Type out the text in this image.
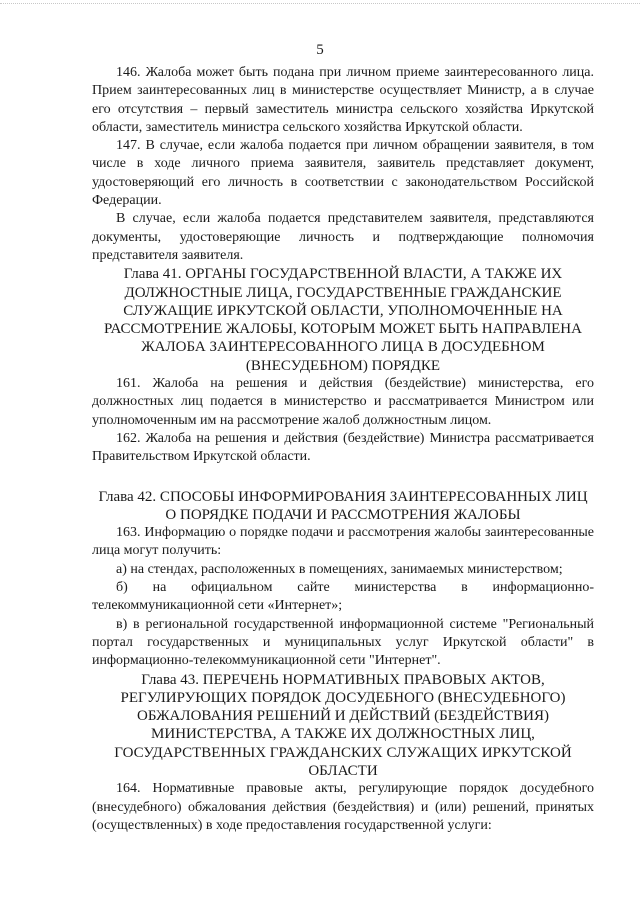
5

146. Жалоба может быть подана при личном приеме заинтересованного лица. Прием заинтересованных лиц в министерстве осуществляет Министр, а в случае его отсутствия – первый заместитель министра сельского хозяйства Иркутской области, заместитель министра сельского хозяйства Иркутской области.

147. В случае, если жалоба подается при личном обращении заявителя, в том числе в ходе личного приема заявителя, заявитель представляет документ, удостоверяющий его личность в соответствии с законодательством Российской Федерации.

В случае, если жалоба подается представителем заявителя, представляются документы, удостоверяющие личность и подтверждающие полномочия представителя заявителя.

Глава 41. ОРГАНЫ ГОСУДАРСТВЕННОЙ ВЛАСТИ, А ТАКЖЕ ИХ ДОЛЖНОСТНЫЕ ЛИЦА, ГОСУДАРСТВЕННЫЕ ГРАЖДАНСКИЕ СЛУЖАЩИЕ ИРКУТСКОЙ ОБЛАСТИ, УПОЛНОМОЧЕННЫЕ НА РАССМОТРЕНИЕ ЖАЛОБЫ, КОТОРЫМ МОЖЕТ БЫТЬ НАПРАВЛЕНА ЖАЛОБА ЗАИНТЕРЕСОВАННОГО ЛИЦА В ДОСУДЕБНОМ (ВНЕСУДЕБНОМ) ПОРЯДКЕ

161. Жалоба на решения и действия (бездействие) министерства, его должностных лиц подается в министерство и рассматривается Министром или уполномоченным им на рассмотрение жалоб должностным лицом.

162. Жалоба на решения и действия (бездействие) Министра рассматривается Правительством Иркутской области.

Глава 42. СПОСОБЫ ИНФОРМИРОВАНИЯ ЗАИНТЕРЕСОВАННЫХ ЛИЦ О ПОРЯДКЕ ПОДАЧИ И РАССМОТРЕНИЯ ЖАЛОБЫ

163. Информацию о порядке подачи и рассмотрения жалобы заинтересованные лица могут получить:

а) на стендах, расположенных в помещениях, занимаемых министерством;

б) на официальном сайте министерства в информационно-телекоммуникационной сети «Интернет»;

в) в региональной государственной информационной системе "Региональный портал государственных и муниципальных услуг Иркутской области" в информационно-телекоммуникационной сети "Интернет".

Глава 43. ПЕРЕЧЕНЬ НОРМАТИВНЫХ ПРАВОВЫХ АКТОВ, РЕГУЛИРУЮЩИХ ПОРЯДОК ДОСУДЕБНОГО (ВНЕСУДЕБНОГО) ОБЖАЛОВАНИЯ РЕШЕНИЙ И ДЕЙСТВИЙ (БЕЗДЕЙСТВИЯ) МИНИСТЕРСТВА, А ТАКЖЕ ИХ ДОЛЖНОСТНЫХ ЛИЦ, ГОСУДАРСТВЕННЫХ ГРАЖДАНСКИХ СЛУЖАЩИХ ИРКУТСКОЙ ОБЛАСТИ

164. Нормативные правовые акты, регулирующие порядок досудебного (внесудебного) обжалования действия (бездействия) и (или) решений, принятых (осуществленных) в ходе предоставления государственной услуги:
